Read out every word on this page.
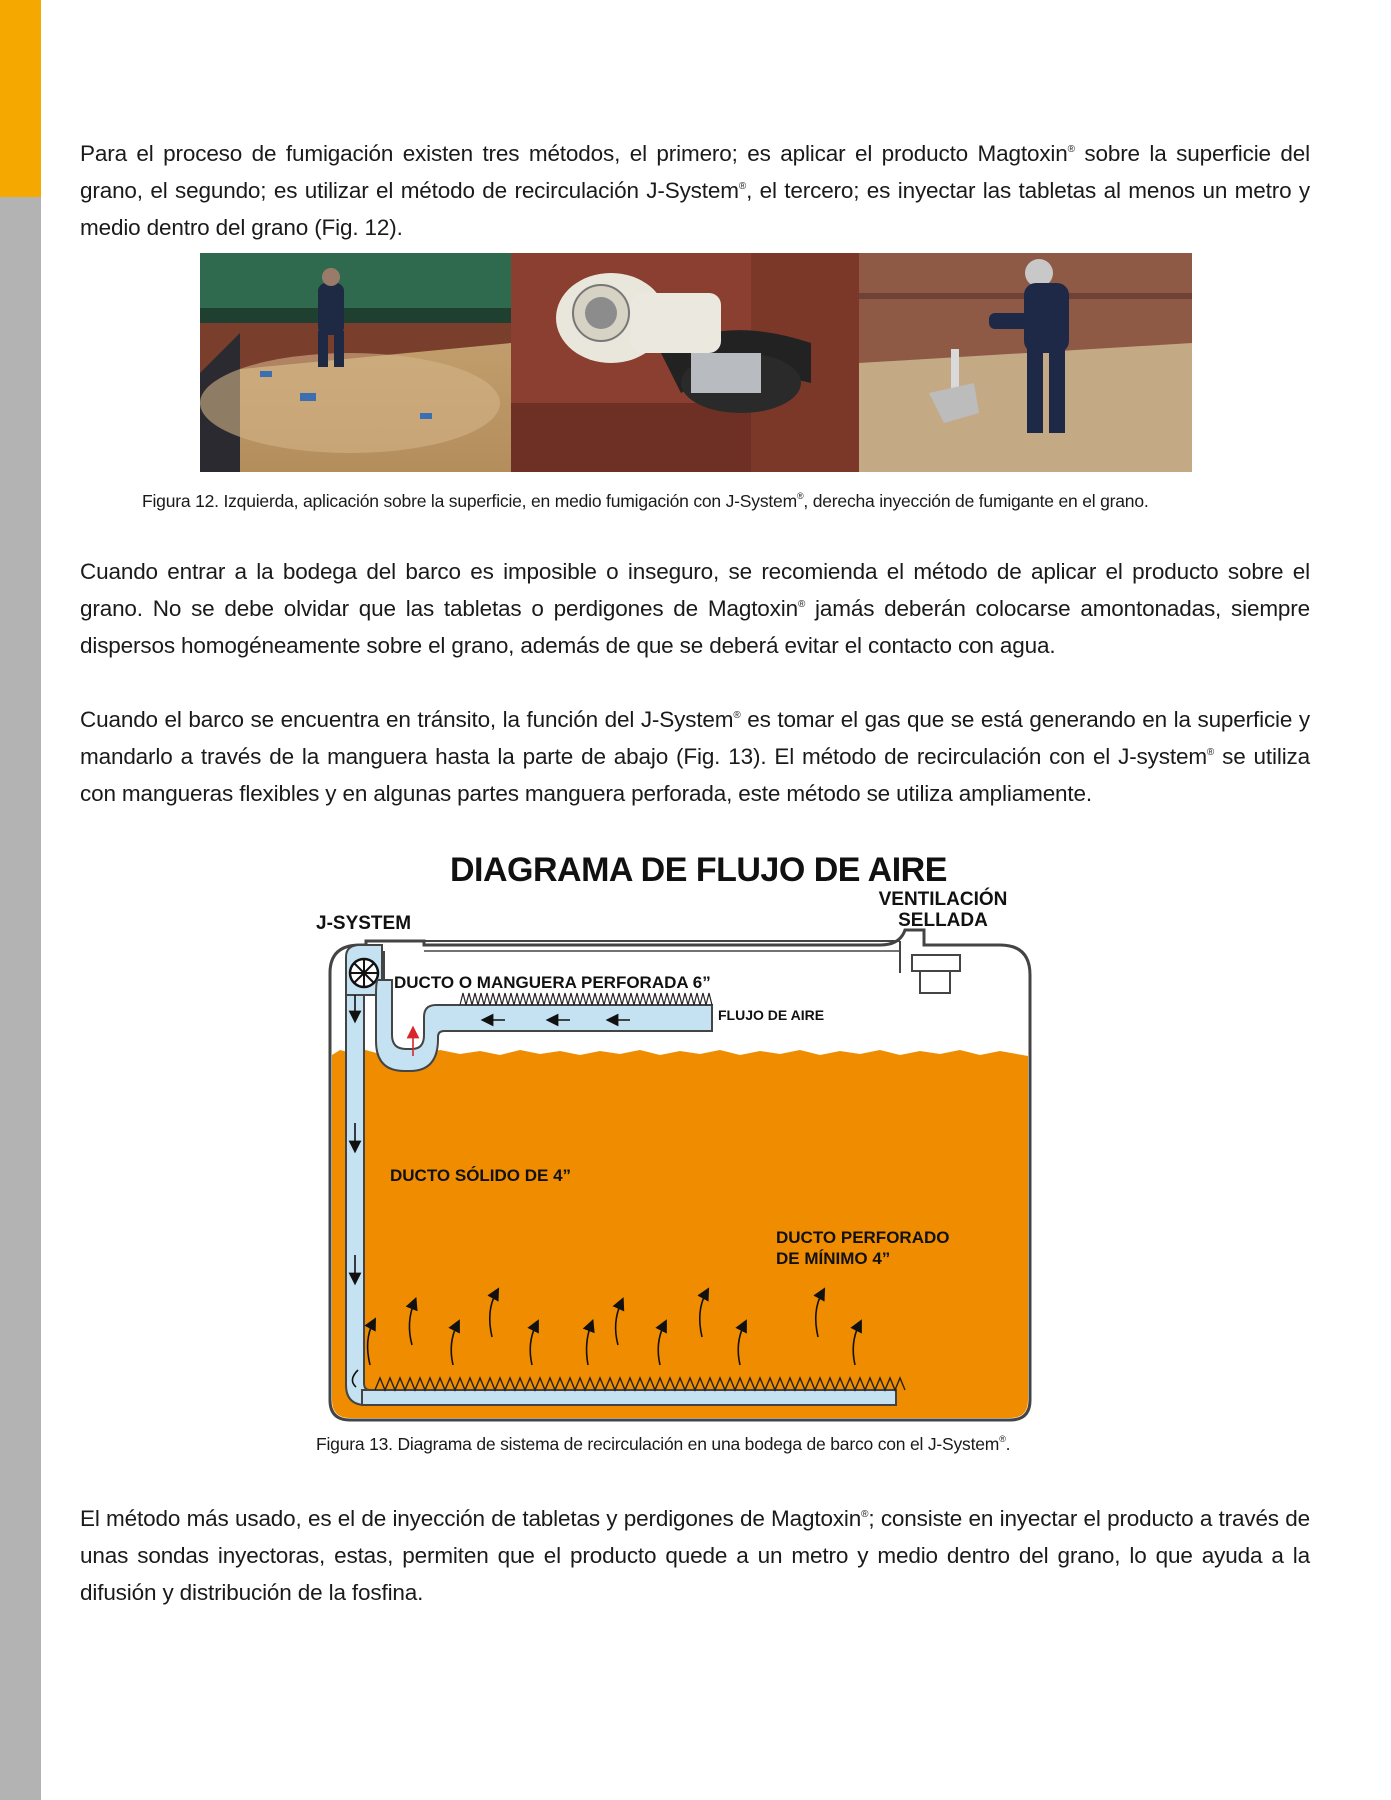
Para el proceso de fumigación existen tres métodos, el primero; es aplicar el producto Magtoxin® sobre la superficie del grano, el segundo; es utilizar el método de recirculación J-System®, el tercero; es inyectar las tabletas al menos un metro y medio dentro del grano (Fig. 12).

Figura 12. Izquierda, aplicación sobre la superficie, en medio fumigación con J-System®, derecha inyección de fumigante en el grano.

Cuando entrar a la bodega del barco es imposible o inseguro, se recomienda el método de aplicar el producto sobre el grano. No se debe olvidar que las tabletas o perdigones de Magtoxin® jamás deberán colocarse amontonadas, siempre dispersos homogéneamente sobre el grano, además de que se deberá evitar el contacto con agua.

Cuando el barco se encuentra en tránsito, la función del J-System® es tomar el gas que se está generando en la superficie y mandarlo a través de la manguera hasta la parte de abajo (Fig. 13). El método de recirculación con el J-system® se utiliza con mangueras flexibles y en algunas partes manguera perforada, este método se utiliza ampliamente.

DIAGRAMA DE FLUJO DE AIRE
VENTILACIÓN
SELLADA
J-SYSTEM
DUCTO O MANGUERA PERFORADA 6”
FLUJO DE AIRE
DUCTO SÓLIDO DE 4”
DUCTO PERFORADO
DE MÍNIMO 4”

Figura 13. Diagrama de sistema de recirculación en una bodega de barco con el J-System®.

El método más usado, es el de inyección de tabletas y perdigones de Magtoxin®; consiste en inyectar el producto a través de unas sondas inyectoras, estas, permiten que el producto quede a un metro y medio dentro del grano, lo que ayuda a la difusión y distribución de la fosfina.
